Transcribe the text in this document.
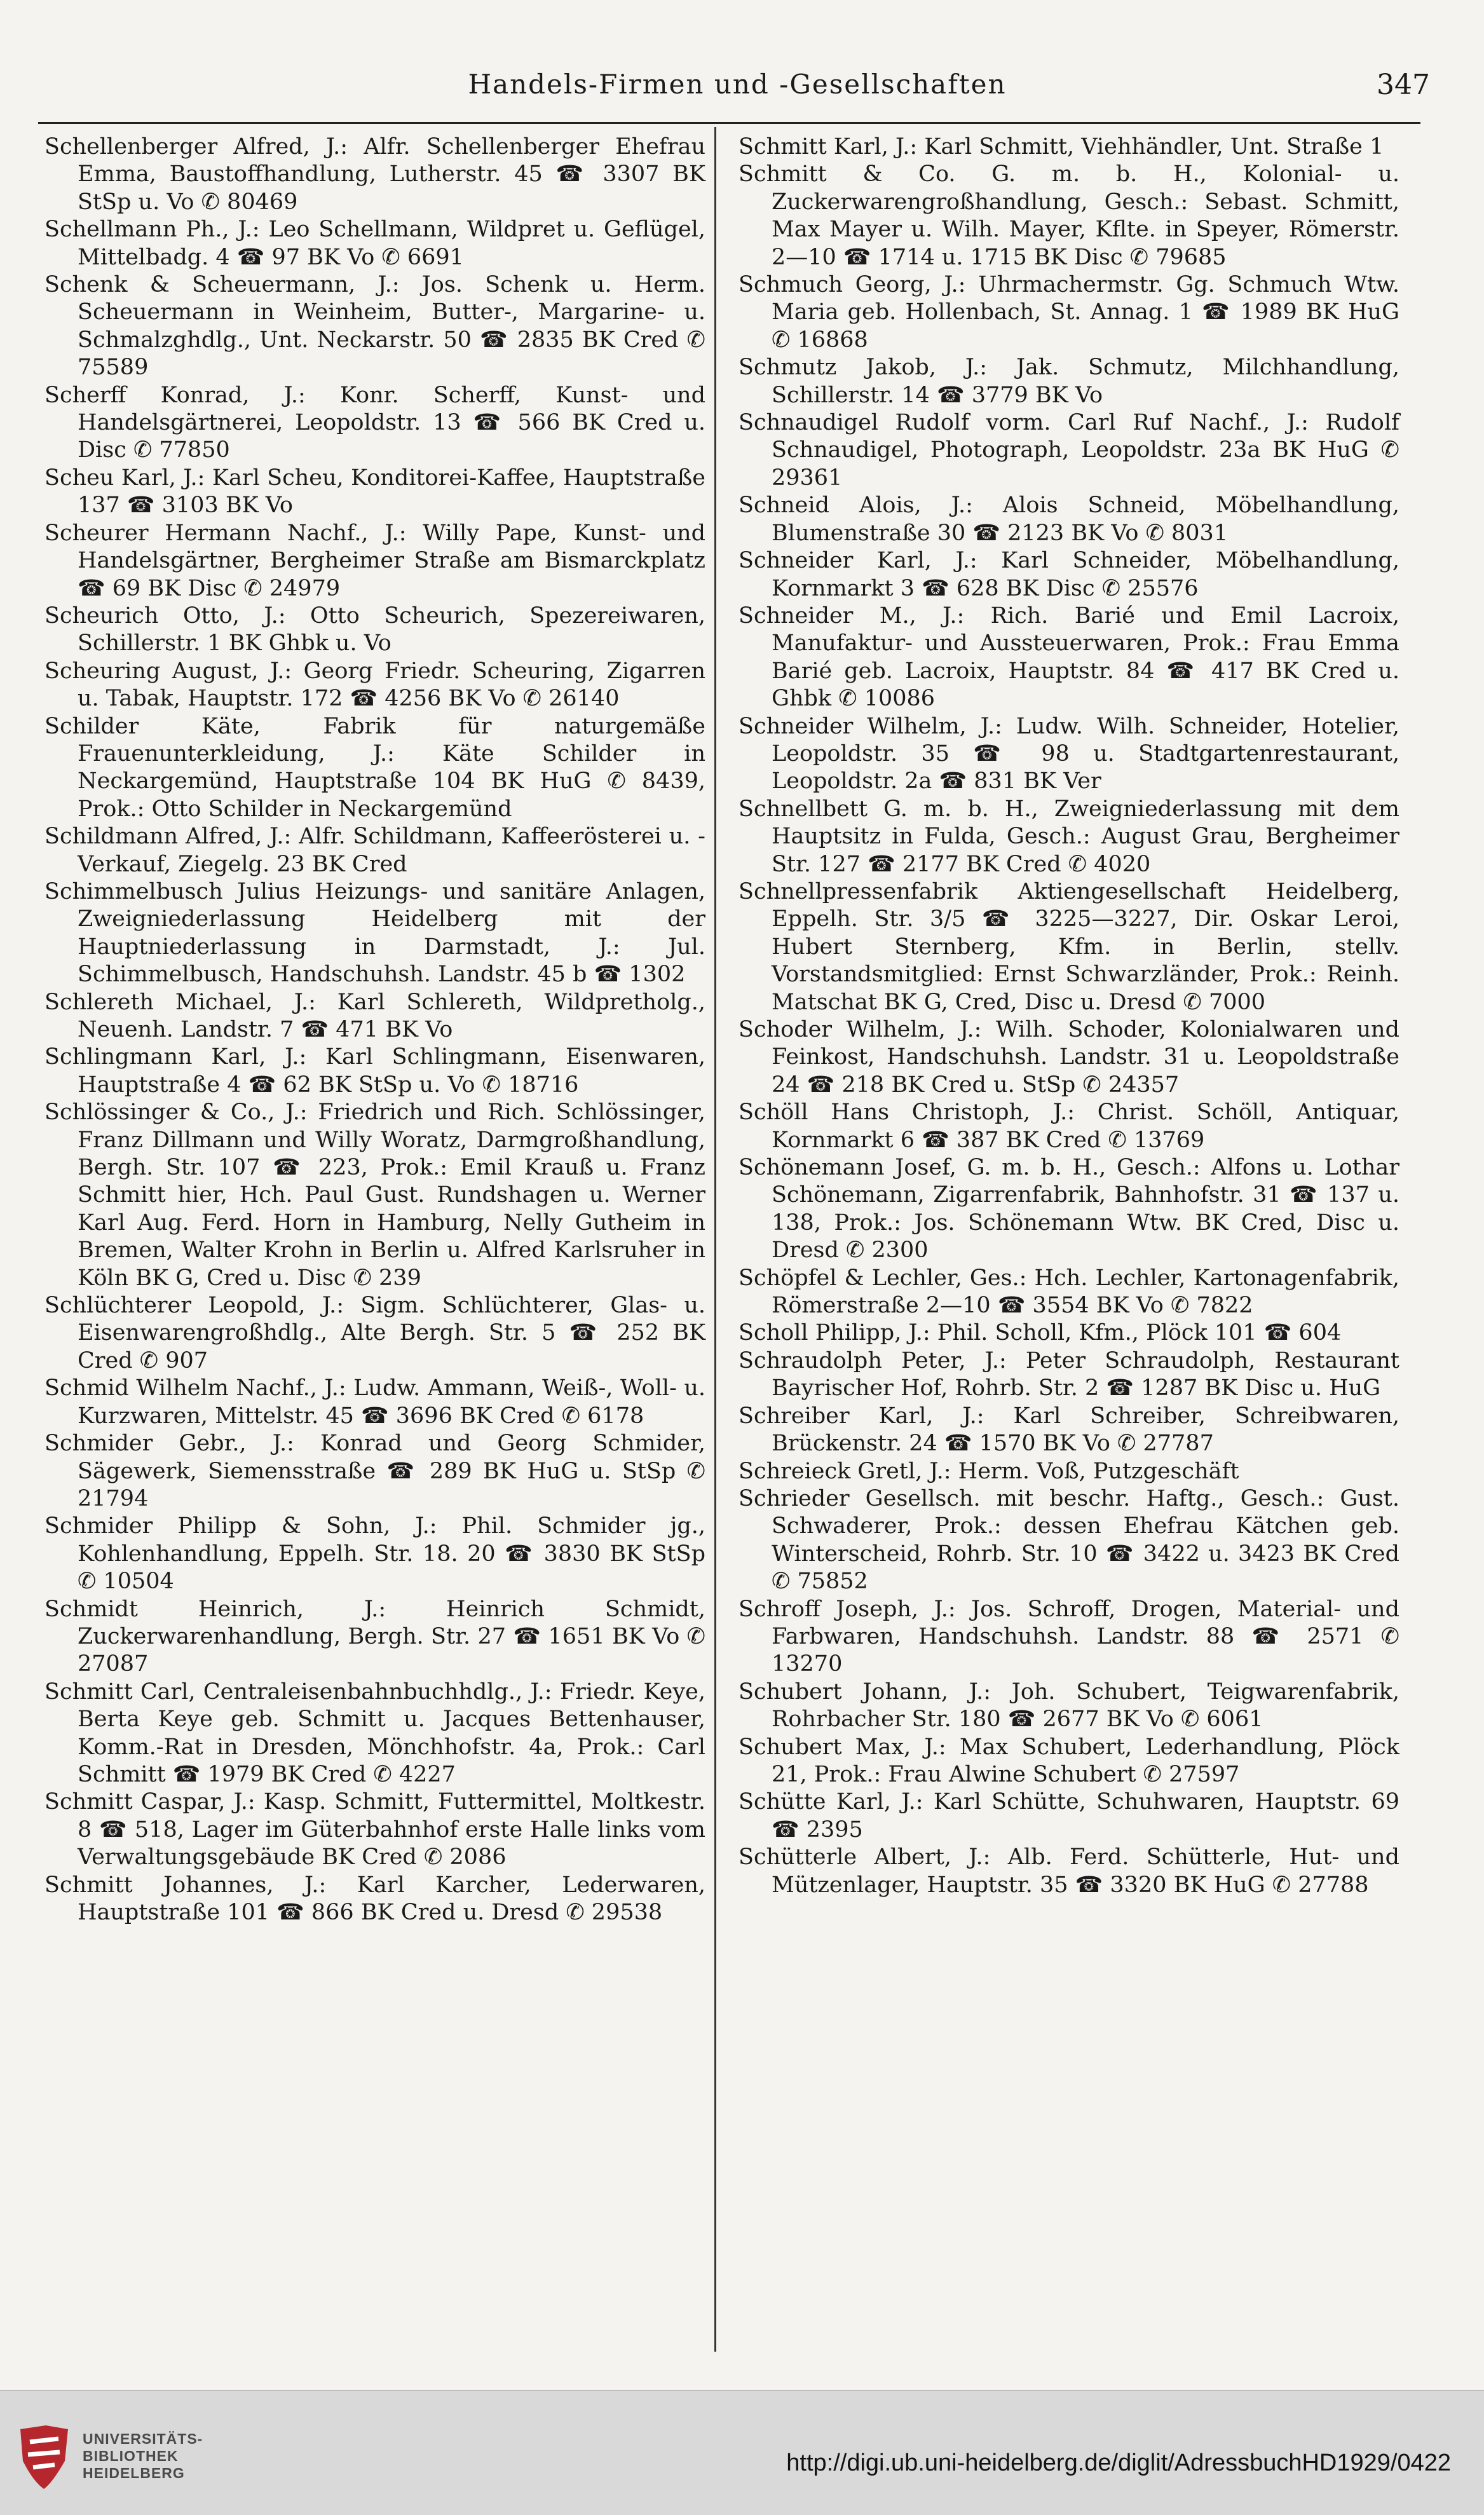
Handels-Firmen und -Gesellschaften	347

Schellenberger Alfred, J.: Alfr. Schellenberger Ehefrau Emma, Baustoffhandlung, Lutherstr. 45 ☎ 3307 BK StSp u. Vo ✆ 80469

Schellmann Ph., J.: Leo Schellmann, Wildpret u. Geflügel, Mittelbadg. 4 ☎ 97 BK Vo ✆ 6691

Schenk & Scheuermann, J.: Jos. Schenk u. Herm. Scheuermann in Weinheim, Butter-, Margarine- u. Schmalzghdlg., Unt. Neckarstr. 50 ☎ 2835 BK Cred ✆ 75589

Scherff Konrad, J.: Konr. Scherff, Kunst- und Handelsgärtnerei, Leopoldstr. 13 ☎ 566 BK Cred u. Disc ✆ 77850

Scheu Karl, J.: Karl Scheu, Konditorei-Kaffee, Hauptstraße 137 ☎ 3103 BK Vo

Scheurer Hermann Nachf., J.: Willy Pape, Kunst- und Handelsgärtner, Bergheimer Straße am Bismarckplatz ☎ 69 BK Disc ✆ 24979

Scheurich Otto, J.: Otto Scheurich, Spezereiwaren, Schillerstr. 1 BK Ghbk u. Vo

Scheuring August, J.: Georg Friedr. Scheuring, Zigarren u. Tabak, Hauptstr. 172 ☎ 4256 BK Vo ✆ 26140

Schilder Käte, Fabrik für naturgemäße Frauenunterkleidung, J.: Käte Schilder in Neckargemünd, Hauptstraße 104 BK HuG ✆ 8439, Prok.: Otto Schilder in Neckargemünd

Schildmann Alfred, J.: Alfr. Schildmann, Kaffeerösterei u. -Verkauf, Ziegelg. 23 BK Cred

Schimmelbusch Julius Heizungs- und sanitäre Anlagen, Zweigniederlassung Heidelberg mit der Hauptniederlassung in Darmstadt, J.: Jul. Schimmelbusch, Handschuhsh. Landstr. 45 b ☎ 1302

Schlereth Michael, J.: Karl Schlereth, Wildpretholg., Neuenh. Landstr. 7 ☎ 471 BK Vo

Schlingmann Karl, J.: Karl Schlingmann, Eisenwaren, Hauptstraße 4 ☎ 62 BK StSp u. Vo ✆ 18716

Schlössinger & Co., J.: Friedrich und Rich. Schlössinger, Franz Dillmann und Willy Woratz, Darmgroßhandlung, Bergh. Str. 107 ☎ 223, Prok.: Emil Krauß u. Franz Schmitt hier, Hch. Paul Gust. Rundshagen u. Werner Karl Aug. Ferd. Horn in Hamburg, Nelly Gutheim in Bremen, Walter Krohn in Berlin u. Alfred Karlsruher in Köln BK G, Cred u. Disc ✆ 239

Schlüchterer Leopold, J.: Sigm. Schlüchterer, Glas- u. Eisenwarengroßhdlg., Alte Bergh. Str. 5 ☎ 252 BK Cred ✆ 907

Schmid Wilhelm Nachf., J.: Ludw. Ammann, Weiß-, Woll- u. Kurzwaren, Mittelstr. 45 ☎ 3696 BK Cred ✆ 6178

Schmider Gebr., J.: Konrad und Georg Schmider, Sägewerk, Siemensstraße ☎ 289 BK HuG u. StSp ✆ 21794

Schmider Philipp & Sohn, J.: Phil. Schmider jg., Kohlenhandlung, Eppelh. Str. 18. 20 ☎ 3830 BK StSp ✆ 10504

Schmidt Heinrich, J.: Heinrich Schmidt, Zuckerwarenhandlung, Bergh. Str. 27 ☎ 1651 BK Vo ✆ 27087

Schmitt Carl, Centraleisenbahnbuchhdlg., J.: Friedr. Keye, Berta Keye geb. Schmitt u. Jacques Bettenhauser, Komm.-Rat in Dresden, Mönchhofstr. 4a, Prok.: Carl Schmitt ☎ 1979 BK Cred ✆ 4227

Schmitt Caspar, J.: Kasp. Schmitt, Futtermittel, Moltkestr. 8 ☎ 518, Lager im Güterbahnhof erste Halle links vom Verwaltungsgebäude BK Cred ✆ 2086

Schmitt Johannes, J.: Karl Karcher, Lederwaren, Hauptstraße 101 ☎ 866 BK Cred u. Dresd ✆ 29538

Schmitt Karl, J.: Karl Schmitt, Viehhändler, Unt. Straße 1

Schmitt & Co. G. m. b. H., Kolonial- u. Zuckerwarengroßhandlung, Gesch.: Sebast. Schmitt, Max Mayer u. Wilh. Mayer, Kflte. in Speyer, Römerstr. 2—10 ☎ 1714 u. 1715 BK Disc ✆ 79685

Schmuch Georg, J.: Uhrmachermstr. Gg. Schmuch Wtw. Maria geb. Hollenbach, St. Annag. 1 ☎ 1989 BK HuG ✆ 16868

Schmutz Jakob, J.: Jak. Schmutz, Milchhandlung, Schillerstr. 14 ☎ 3779 BK Vo

Schnaudigel Rudolf vorm. Carl Ruf Nachf., J.: Rudolf Schnaudigel, Photograph, Leopoldstr. 23a BK HuG ✆ 29361

Schneid Alois, J.: Alois Schneid, Möbelhandlung, Blumenstraße 30 ☎ 2123 BK Vo ✆ 8031

Schneider Karl, J.: Karl Schneider, Möbelhandlung, Kornmarkt 3 ☎ 628 BK Disc ✆ 25576

Schneider M., J.: Rich. Barié und Emil Lacroix, Manufaktur- und Aussteuerwaren, Prok.: Frau Emma Barié geb. Lacroix, Hauptstr. 84 ☎ 417 BK Cred u. Ghbk ✆ 10086

Schneider Wilhelm, J.: Ludw. Wilh. Schneider, Hotelier, Leopoldstr. 35 ☎ 98 u. Stadtgartenrestaurant, Leopoldstr. 2a ☎ 831 BK Ver

Schnellbett G. m. b. H., Zweigniederlassung mit dem Hauptsitz in Fulda, Gesch.: August Grau, Bergheimer Str. 127 ☎ 2177 BK Cred ✆ 4020

Schnellpressenfabrik Aktiengesellschaft Heidelberg, Eppelh. Str. 3/5 ☎ 3225—3227, Dir. Oskar Leroi, Hubert Sternberg, Kfm. in Berlin, stellv. Vorstandsmitglied: Ernst Schwarzländer, Prok.: Reinh. Matschat BK G, Cred, Disc u. Dresd ✆ 7000

Schoder Wilhelm, J.: Wilh. Schoder, Kolonialwaren und Feinkost, Handschuhsh. Landstr. 31 u. Leopoldstraße 24 ☎ 218 BK Cred u. StSp ✆ 24357

Schöll Hans Christoph, J.: Christ. Schöll, Antiquar, Kornmarkt 6 ☎ 387 BK Cred ✆ 13769

Schönemann Josef, G. m. b. H., Gesch.: Alfons u. Lothar Schönemann, Zigarrenfabrik, Bahnhofstr. 31 ☎ 137 u. 138, Prok.: Jos. Schönemann Wtw. BK Cred, Disc u. Dresd ✆ 2300

Schöpfel & Lechler, Ges.: Hch. Lechler, Kartonagenfabrik, Römerstraße 2—10 ☎ 3554 BK Vo ✆ 7822

Scholl Philipp, J.: Phil. Scholl, Kfm., Plöck 101 ☎ 604

Schraudolph Peter, J.: Peter Schraudolph, Restaurant Bayrischer Hof, Rohrb. Str. 2 ☎ 1287 BK Disc u. HuG

Schreiber Karl, J.: Karl Schreiber, Schreibwaren, Brückenstr. 24 ☎ 1570 BK Vo ✆ 27787

Schreieck Gretl, J.: Herm. Voß, Putzgeschäft

Schrieder Gesellsch. mit beschr. Haftg., Gesch.: Gust. Schwaderer, Prok.: dessen Ehefrau Kätchen geb. Winterscheid, Rohrb. Str. 10 ☎ 3422 u. 3423 BK Cred ✆ 75852

Schroff Joseph, J.: Jos. Schroff, Drogen, Material- und Farbwaren, Handschuhsh. Landstr. 88 ☎ 2571 ✆ 13270

Schubert Johann, J.: Joh. Schubert, Teigwarenfabrik, Rohrbacher Str. 180 ☎ 2677 BK Vo ✆ 6061

Schubert Max, J.: Max Schubert, Lederhandlung, Plöck 21, Prok.: Frau Alwine Schubert ✆ 27597

Schütte Karl, J.: Karl Schütte, Schuhwaren, Hauptstr. 69 ☎ 2395

Schütterle Albert, J.: Alb. Ferd. Schütterle, Hut- und Mützenlager, Hauptstr. 35 ☎ 3320 BK HuG ✆ 27788

UNIVERSITÄTS-
BIBLIOTHEK
HEIDELBERG	http://digi.ub.uni-heidelberg.de/diglit/AdressbuchHD1929/0422
